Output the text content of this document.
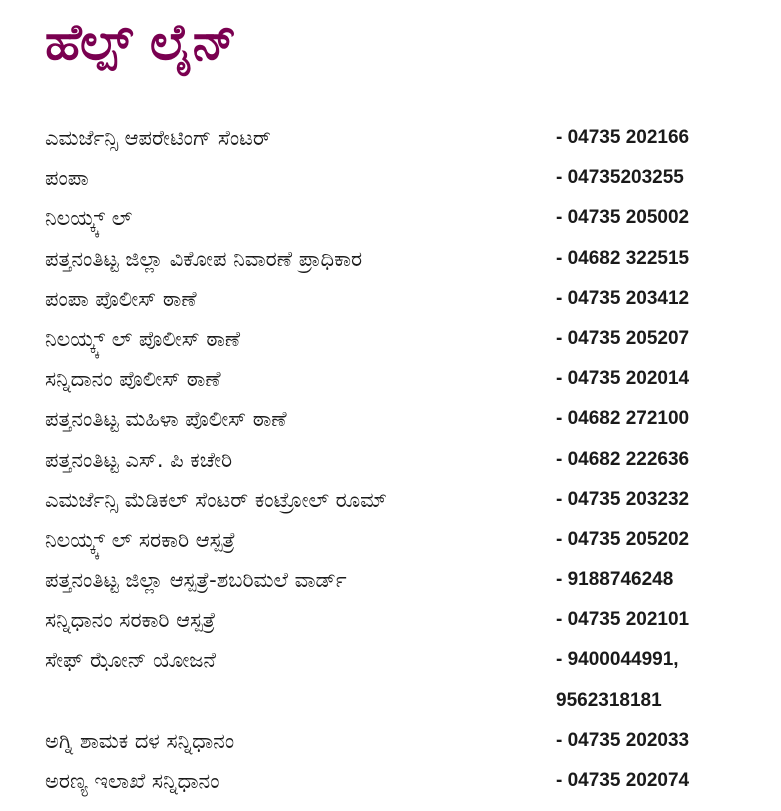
ಹೆಲ್ಪ್ ಲೈನ್
ಎಮರ್ಜೆನ್ಸಿ ಆಪರೇಟಿಂಗ್ ಸೆಂಟರ್	- 04735 202166
ಪಂಪಾ	- 04735203255
ನಿಲಯ್ಕ್ಕ್ ಲ್	- 04735 205002
ಪತ್ತನಂತಿಟ್ಟ ಜಿಲ್ಲಾ ವಿಕೋಪ ನಿವಾರಣೆ ಪ್ರಾಧಿಕಾರ	- 04682 322515
ಪಂಪಾ ಪೊಲೀಸ್ ಠಾಣೆ	- 04735 203412
ನಿಲಯ್ಕ್ಕ್ ಲ್ ಪೊಲೀಸ್ ಠಾಣೆ	- 04735 205207
ಸನ್ನಿದಾನಂ ಪೊಲೀಸ್ ಠಾಣೆ	- 04735 202014
ಪತ್ತನಂತಿಟ್ಟ ಮಹಿಳಾ ಪೊಲೀಸ್ ಠಾಣೆ	- 04682 272100
ಪತ್ತನಂತಿಟ್ಟ ಎಸ್. ಪಿ ಕಚೇರಿ	- 04682 222636
ಎಮರ್ಜೆನ್ಸಿ ಮೆಡಿಕಲ್ ಸೆಂಟರ್ ಕಂಟ್ರೋಲ್ ರೂಮ್	- 04735 203232
ನಿಲಯ್ಕ್ಕ್ ಲ್ ಸರಕಾರಿ ಆಸ್ಪತ್ರೆ	- 04735 205202
ಪತ್ತನಂತಿಟ್ಟ ಜಿಲ್ಲಾ ಆಸ್ಪತ್ರೆ-ಶಬರಿಮಲೆ ವಾರ್ಡ್	- 9188746248
ಸನ್ನಿಧಾನಂ ಸರಕಾರಿ ಆಸ್ಪತ್ರೆ	- 04735 202101
ಸೇಫ್ ಝೋನ್ ಯೋಜನೆ	- 9400044991,
9562318181
ಅಗ್ನಿ ಶಾಮಕ ದಳ ಸನ್ನಿಧಾನಂ	- 04735 202033
ಅರಣ್ಯ ಇಲಾಖೆ ಸನ್ನಿಧಾನಂ	- 04735 202074
